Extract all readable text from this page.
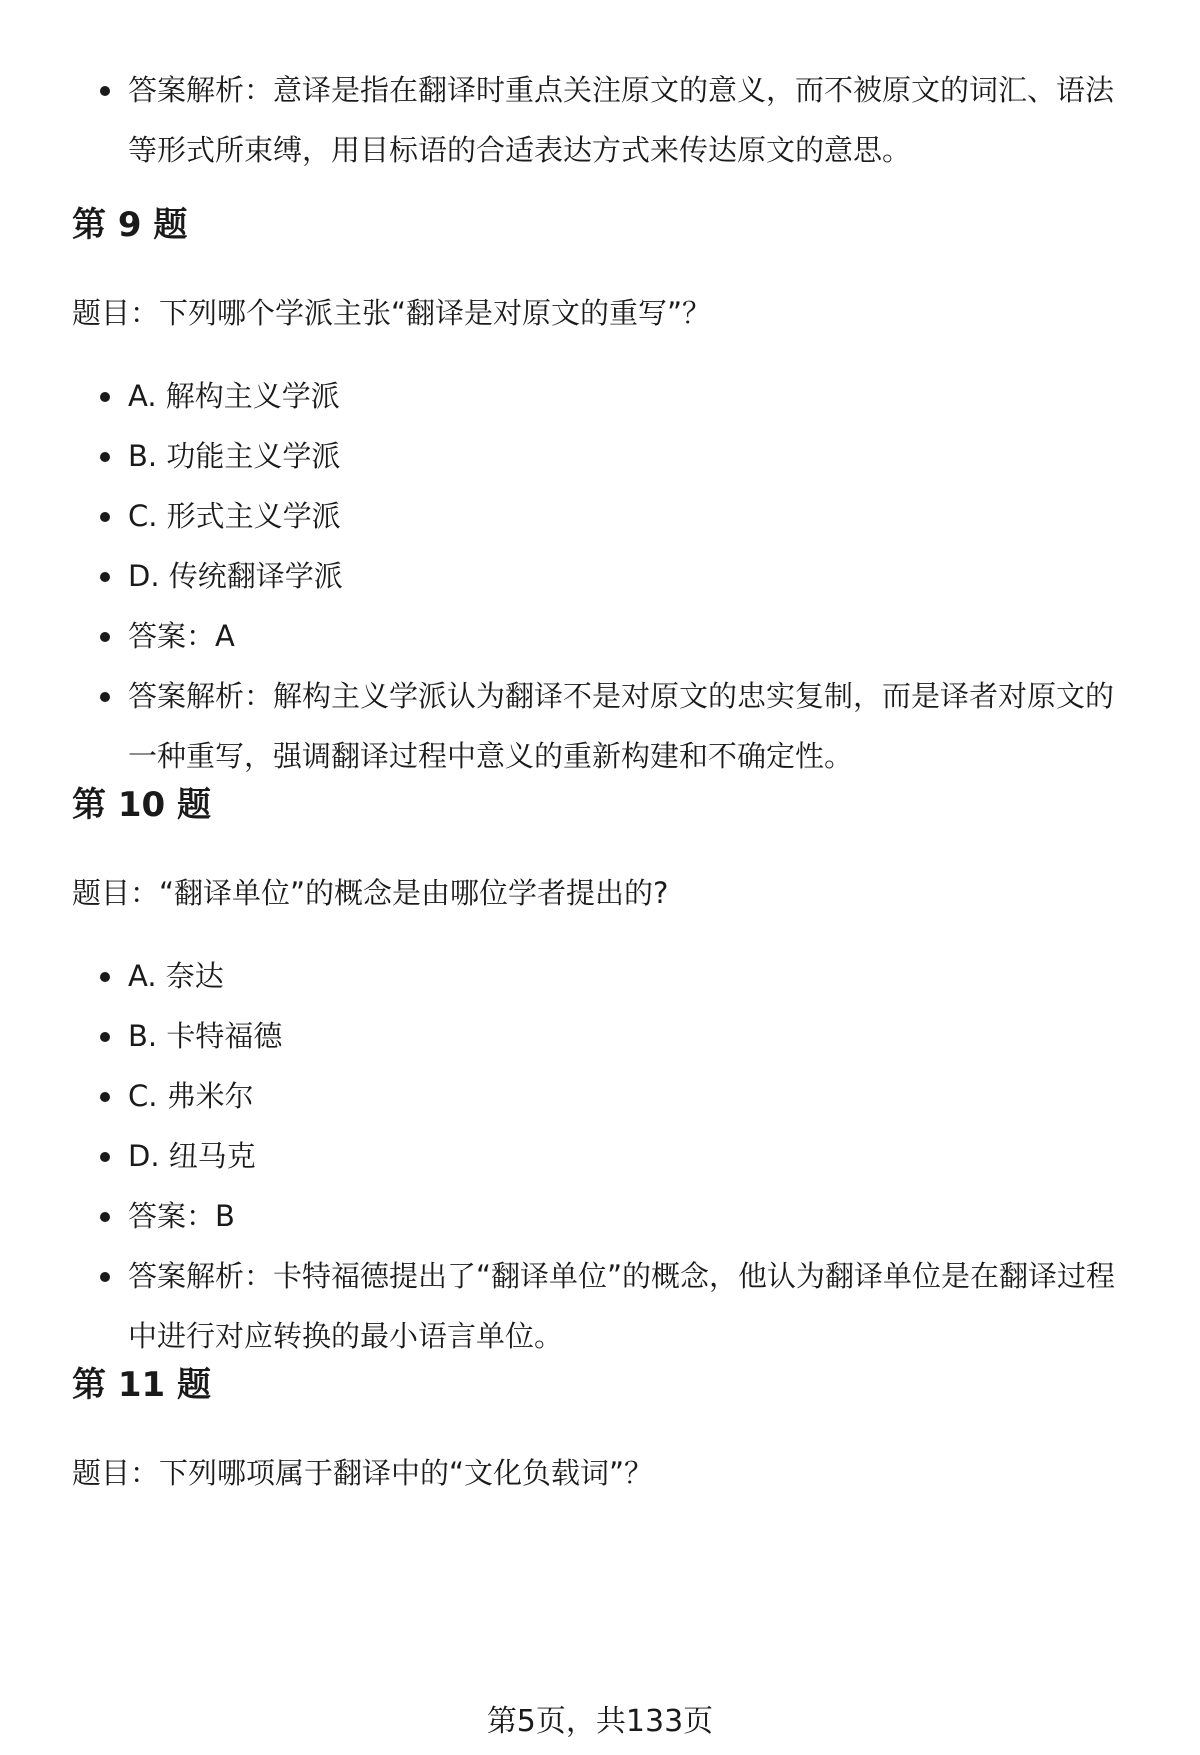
答案解析：意译是指在翻译时重点关注原文的意义，而不被原文的词汇、语法等形式所束缚，用目标语的合适表达方式来传达原文的意思。
第 9 题

题目：下列哪个学派主张“翻译是对原文的重写”？

A. 解构主义学派
B. 功能主义学派
C. 形式主义学派
D. 传统翻译学派
答案：A
答案解析：解构主义学派认为翻译不是对原文的忠实复制，而是译者对原文的一种重写，强调翻译过程中意义的重新构建和不确定性。
第 10 题

题目：“翻译单位”的概念是由哪位学者提出的?

A. 奈达
B. 卡特福德
C. 弗米尔
D. 纽马克
答案：B
答案解析：卡特福德提出了“翻译单位”的概念，他认为翻译单位是在翻译过程中进行对应转换的最小语言单位。
第 11 题

题目：下列哪项属于翻译中的“文化负载词”？

第5页，共133页
